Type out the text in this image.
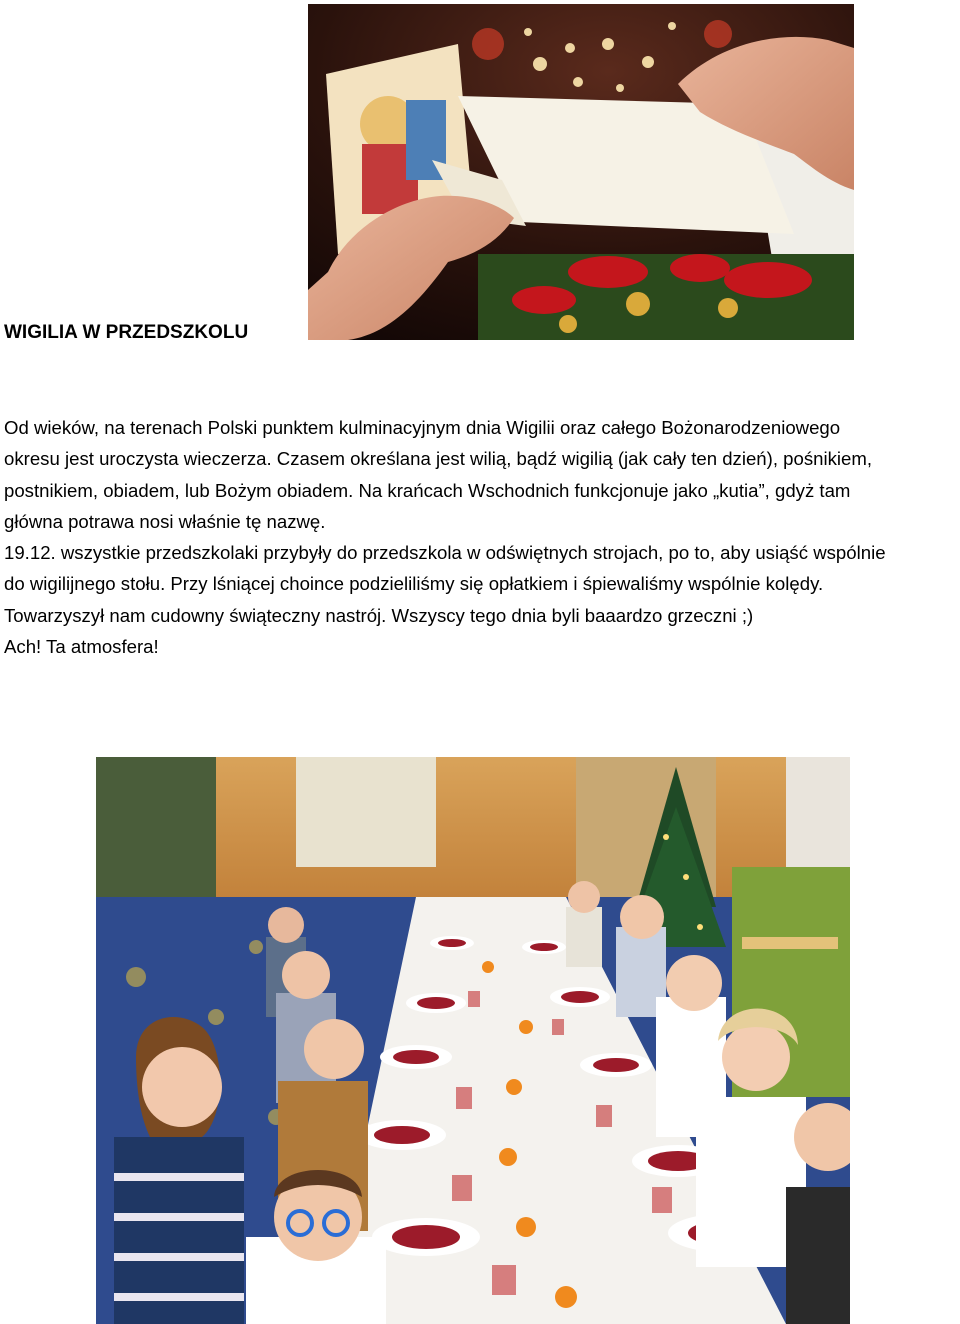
WIGILIA W PRZEDSZKOLU
Od wieków, na terenach Polski punktem kulminacyjnym dnia Wigilii oraz całego Bożonarodzeniowego
okresu jest uroczysta wieczerza. Czasem określana jest wilią, bądź wigilią (jak cały ten dzień), pośnikiem,
postnikiem, obiadem, lub Bożym obiadem. Na krańcach Wschodnich funkcjonuje jako „kutia”, gdyż tam
główna potrawa nosi właśnie tę nazwę.
19.12. wszystkie przedszkolaki przybyły do przedszkola w odświętnych strojach, po to, aby usiąść wspólnie
do wigilijnego stołu. Przy lśniącej choince podzieliliśmy się opłatkiem i śpiewaliśmy wspólnie kolędy.
Towarzyszył nam cudowny świąteczny nastrój. Wszyscy tego dnia byli baaardzo grzeczni ;)
Ach! Ta atmosfera!
